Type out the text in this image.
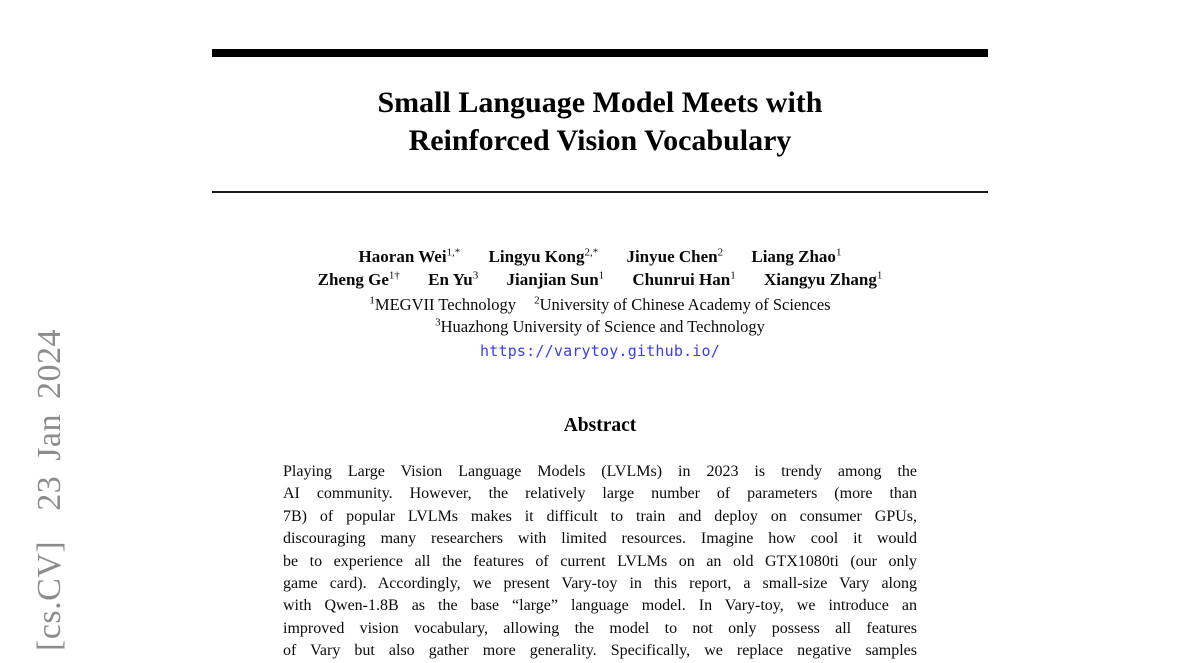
[cs.CV]  23 Jan 2024
Small Language Model Meets with
Reinforced Vision Vocabulary
Haoran Wei$^{1,*}$ Lingyu Kong$^{2,*}$ Jinyue Chen$^2$ Liang Zhao$^1$
Zheng $Ge^{1\dagger}$ En Yu$^3$ Jianjian Sun$^1$ Chunrui Han$^1$ Xiangyu Zhang$^1$
$^1$MEGVII Technology $^2$University of Chinese Academy of Sciences
$^3$Huazhong University of Science and Technology
https://varytoy.github.io/
Abstract
Playing Large Vision Language Models (LVLMs) in 2023 is trendy among the
AI community. However, the relatively large number of parameters (more than
7B) of popular LVLMs makes it difficult to train and deploy on consumer GPUs,
discouraging many researchers with limited resources. Imagine how cool it would
be to experience all the features of current LVLMs on an old GTX1080ti (our only
game card). Accordingly, we present Vary-toy in this report, a small-size Vary along
with Qwen-1.8B as the base “large” language model. In Vary-toy, we introduce an
improved vision vocabulary, allowing the model to not only possess all features
of Vary but also gather more generality. Specifically, we replace negative samples
